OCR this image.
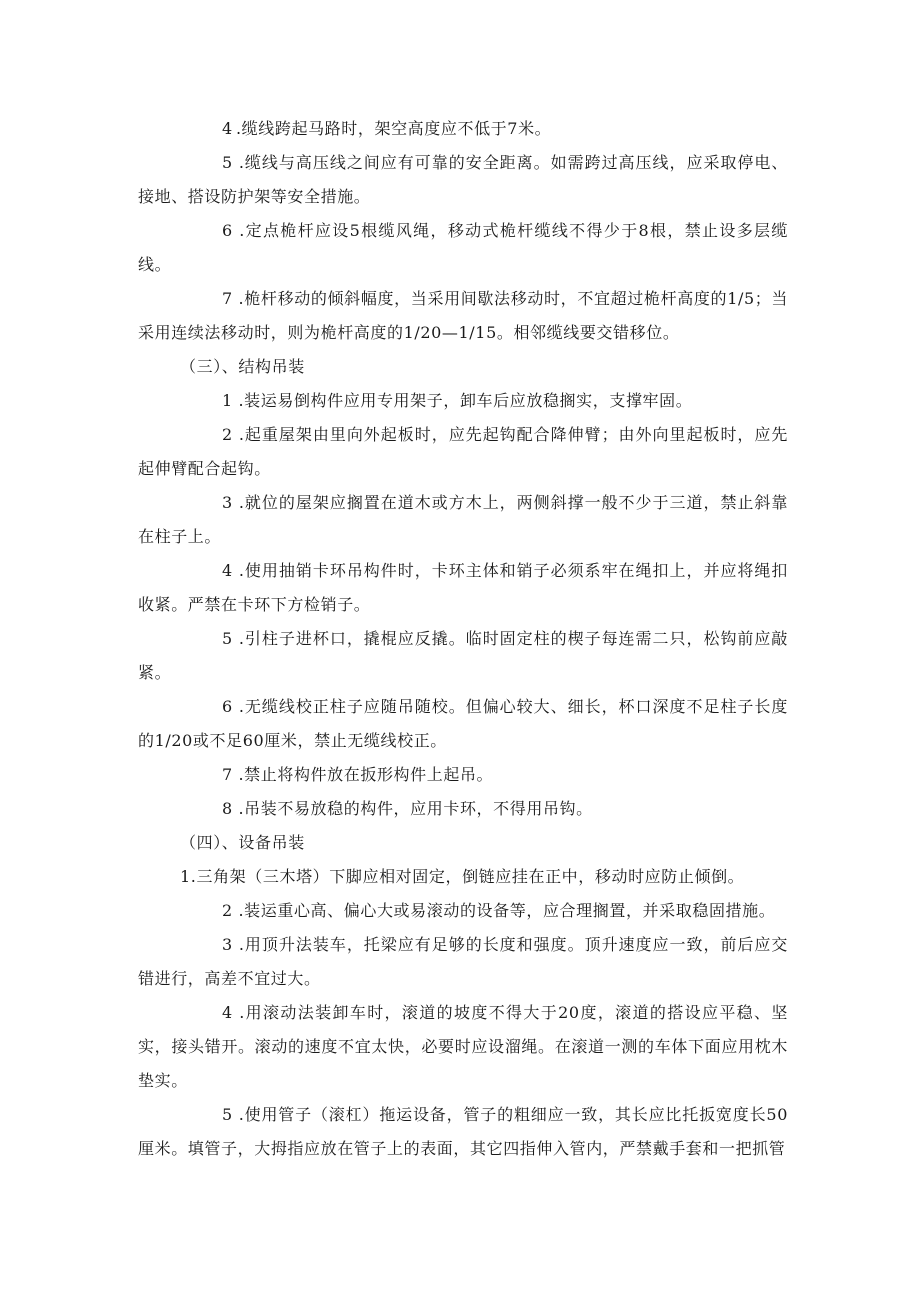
4 .缆线跨起马路时，架空高度应不低于7米。

5 .缆线与高压线之间应有可靠的安全距离。如需跨过高压线，应采取停电、接地、搭设防护架等安全措施。

6 .定点桅杆应设5根缆风绳，移动式桅杆缆线不得少于8根，禁止设多层缆线。

7 .桅杆移动的倾斜幅度，当采用间歇法移动时，不宜超过桅杆高度的1/5；当采用连续法移动时，则为桅杆高度的1/20—1/15。相邻缆线要交错移位。

（三）、结构吊装

1 .装运易倒构件应用专用架子，卸车后应放稳搁实，支撑牢固。

2 .起重屋架由里向外起板时，应先起钩配合降伸臂；由外向里起板时，应先起伸臂配合起钩。

3 .就位的屋架应搁置在道木或方木上，两侧斜撑一般不少于三道，禁止斜靠在柱子上。

4 .使用抽销卡环吊构件时，卡环主体和销子必须系牢在绳扣上，并应将绳扣收紧。严禁在卡环下方检销子。

5 .引柱子进杯口，撬棍应反撬。临时固定柱的楔子每连需二只，松钩前应敲紧。

6 .无缆线校正柱子应随吊随校。但偏心较大、细长，杯口深度不足柱子长度的1/20或不足60厘米，禁止无缆线校正。

7 .禁止将构件放在扳形构件上起吊。

8 .吊装不易放稳的构件，应用卡环，不得用吊钩。

（四）、设备吊装

1.三角架（三木塔）下脚应相对固定，倒链应挂在正中，移动时应防止倾倒。

2 .装运重心高、偏心大或易滚动的设备等，应合理搁置，并采取稳固措施。

3 .用顶升法装车，托梁应有足够的长度和强度。顶升速度应一致，前后应交错进行，高差不宜过大。

4 .用滚动法装卸车时，滚道的坡度不得大于20度，滚道的搭设应平稳、坚实，接头错开。滚动的速度不宜太快，必要时应设溜绳。在滚道一测的车体下面应用枕木垫实。

5 .使用管子（滚杠）拖运设备，管子的粗细应一致，其长应比托扳宽度长50厘米。填管子，大拇指应放在管子上的表面，其它四指伸入管内，严禁戴手套和一把抓管
